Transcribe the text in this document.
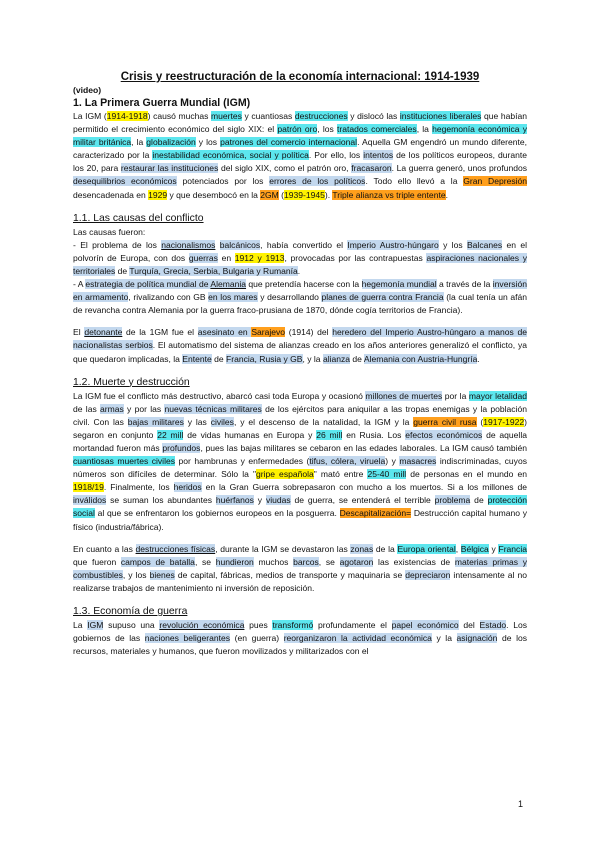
Crisis y reestructuración de la economía internacional: 1914-1939
(video)
1. La Primera Guerra Mundial (IGM)

La IGM (1914-1918) causó muchas muertes y cuantiosas destrucciones y dislocó las instituciones liberales que habían permitido el crecimiento económico del siglo XIX: el patrón oro, los tratados comerciales, la hegemonía económica y militar británica, la globalización y los patrones del comercio internacional. Aquella GM engendró un mundo diferente, caracterizado por la inestabilidad económica, social y política. Por ello, los intentos de los políticos europeos, durante los 20, para restaurar las instituciones del siglo XIX, como el patrón oro, fracasaron. La guerra generó, unos profundos desequilibrios económicos potenciados por los errores de los políticos. Todo ello llevó a la Gran Depresión desencadenada en 1929 y que desembocó en la 2GM (1939-1945). Triple alianza vs triple entente.

1.1. Las causas del conflicto

Las causas fueron:

- El problema de los nacionalismos balcánicos, había convertido el Imperio Austro-húngaro y los Balcanes en el polvorín de Europa, con dos guerras en 1912 y 1913, provocadas por las contrapuestas aspiraciones nacionales y territoriales de Turquía, Grecia, Serbia, Bulgaria y Rumanía.

- A estrategia de política mundial de Alemania que pretendía hacerse con la hegemonía mundial a través de la inversión en armamento, rivalizando con GB en los mares y desarrollando planes de guerra contra Francia (la cual tenía un afán de revancha contra Alemania por la guerra fraco-prusiana de 1870, dónde cogía territorios de Francia).

El detonante de la 1GM fue el asesinato en Sarajevo (1914) del heredero del Imperio Austro-húngaro a manos de nacionalistas serbios. El automatismo del sistema de alianzas creado en los años anteriores generalizó el conflicto, ya que quedaron implicadas, la Entente de Francia, Rusia y GB, y la alianza de Alemania con Austria-Hungría.

1.2. Muerte y destrucción

La IGM fue el conflicto más destructivo, abarcó casi toda Europa y ocasionó millones de muertes por la mayor letalidad de las armas y por las nuevas técnicas militares de los ejércitos para aniquilar a las tropas enemigas y la población civil. Con las bajas militares y las civiles, y el descenso de la natalidad, la IGM y la guerra civil rusa (1917-1922) segaron en conjunto 22 mill de vidas humanas en Europa y 26 mill en Rusia. Los efectos económicos de aquella mortandad fueron más profundos, pues las bajas militares se cebaron en las edades laborales. La IGM causó también cuantiosas muertes civiles por hambrunas y enfermedades (tifus, cólera, viruela) y masacres indiscriminadas, cuyos números son difíciles de determinar. Sólo la "gripe española" mató entre 25-40 mill de personas en el mundo en 1918/19. Finalmente, los heridos en la Gran Guerra sobrepasaron con mucho a los muertos. Si a los millones de inválidos se suman los abundantes huérfanos y viudas de guerra, se entenderá el terrible problema de protección social al que se enfrentaron los gobiernos europeos en la posguerra. Descapitalización= Destrucción capital humano y físico (industria/fábrica).

En cuanto a las destrucciones físicas, durante la IGM se devastaron las zonas de la Europa oriental, Bélgica y Francia que fueron campos de batalla, se hundieron muchos barcos, se agotaron las existencias de materias primas y combustibles, y los bienes de capital, fábricas, medios de transporte y maquinaria se depreciaron intensamente al no realizarse trabajos de mantenimiento ni inversión de reposición.

1.3. Economía de guerra

La IGM supuso una revolución económica pues transformó profundamente el papel económico del Estado. Los gobiernos de las naciones beligerantes (en guerra) reorganizaron la actividad económica y la asignación de los recursos, materiales y humanos, que fueron movilizados y militarizados con el

1
